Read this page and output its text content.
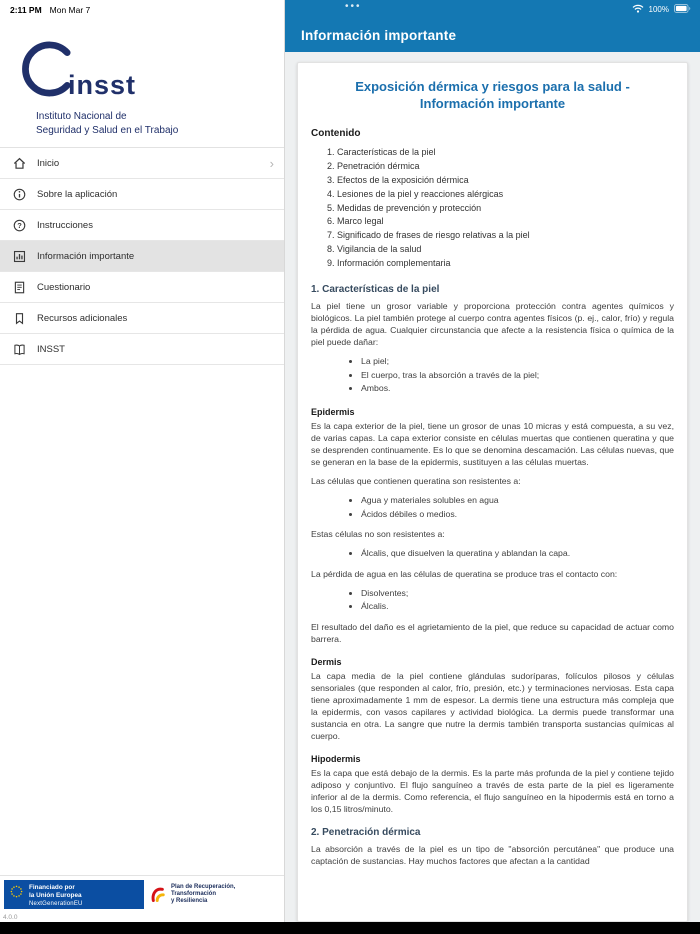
2:11 PM Mon Mar 7
insst
Instituto Nacional de
Seguridad y Salud en el Trabajo
Inicio	›
Sobre la aplicación
? Instrucciones
Información importante
Cuestionario
Recursos adicionales
INSST
Financiado por
la Unión Europea
NextGenerationEU
Plan de Recuperación,
Transformación
y Resiliencia
4.0.0
•••	100%
Información importante
Exposición dérmica y riesgos para la salud - Información importante
Contenido
1. Características de la piel
2. Penetración dérmica
3. Efectos de la exposición dérmica
4. Lesiones de la piel y reacciones alérgicas
5. Medidas de prevención y protección
6. Marco legal
7. Significado de frases de riesgo relativas a la piel
8. Vigilancia de la salud
9. Información complementaria
1. Características de la piel

La piel tiene un grosor variable y proporciona protección contra agentes químicos y biológicos. La piel también protege al cuerpo contra agentes físicos (p. ej., calor, frío) y regula la pérdida de agua. Cualquier circunstancia que afecte a la resistencia física o química de la piel puede dañar:

• La piel;
• El cuerpo, tras la absorción a través de la piel;
• Ambos.
Epidermis

Es la capa exterior de la piel, tiene un grosor de unas 10 micras y está compuesta, a su vez, de varias capas. La capa exterior consiste en células muertas que contienen queratina y que se desprenden continuamente. Es lo que se denomina descamación. Las células nuevas, que se generan en la base de la epidermis, sustituyen a las células muertas.

Las células que contienen queratina son resistentes a:

• Agua y materiales solubles en agua
• Ácidos débiles o medios.

Estas células no son resistentes a:

• Álcalis, que disuelven la queratina y ablandan la capa.

La pérdida de agua en las células de queratina se produce tras el contacto con:

• Disolventes;
• Álcalis.

El resultado del daño es el agrietamiento de la piel, que reduce su capacidad de actuar como barrera.

Dermis

La capa media de la piel contiene glándulas sudoríparas, folículos pilosos y células sensoriales (que responden al calor, frío, presión, etc.) y terminaciones nerviosas. Esta capa tiene aproximadamente 1 mm de espesor. La dermis tiene una estructura más compleja que la epidermis, con vasos capilares y actividad biológica. La dermis puede transformar una sustancia en otra. La sangre que nutre la dermis también transporta sustancias químicas al cuerpo.

Hipodermis

Es la capa que está debajo de la dermis. Es la parte más profunda de la piel y contiene tejido adiposo y conjuntivo. El flujo sanguíneo a través de esta parte de la piel es ligeramente inferior al de la dermis. Como referencia, el flujo sanguíneo en la hipodermis está en torno a los 0,15 litros/minuto.

2. Penetración dérmica

La absorción a través de la piel es un tipo de "absorción percutánea" que produce una captación de sustancias. Hay muchos factores que afectan a la cantidad
